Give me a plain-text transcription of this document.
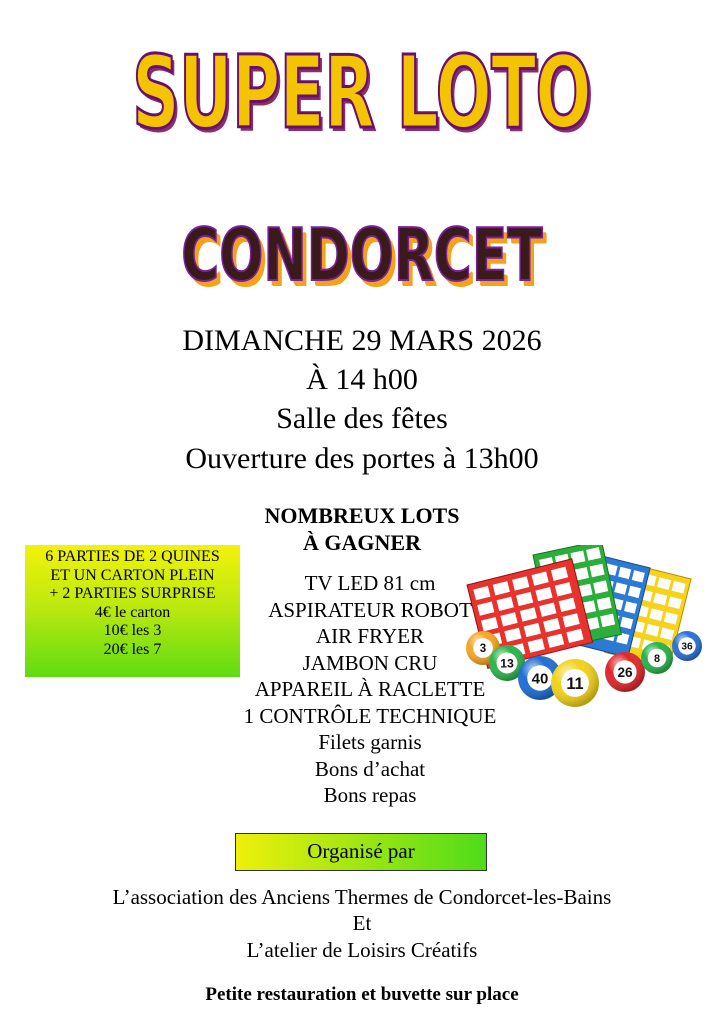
SUPER LOTO
CONDORCET
DIMANCHE 29 MARS 2026
À 14 h00
Salle des fêtes
Ouverture des portes à 13h00
NOMBREUX LOTS
À GAGNER
6 PARTIES DE 2 QUINES
ET UN CARTON PLEIN
+ 2 PARTIES SURPRISE
4€ le carton
10€ les 3
20€ les 7
TV LED 81 cm
ASPIRATEUR ROBOT
AIR FRYER
JAMBON CRU
APPAREIL À RACLETTE
1 CONTRÔLE TECHNIQUE
Filets garnis
Bons d’achat
Bons repas
3
13
40 11
26
8
36
Organisé par
L’association des Anciens Thermes de Condorcet-les-Bains
Et
L’atelier de Loisirs Créatifs
Petite restauration et buvette sur place
